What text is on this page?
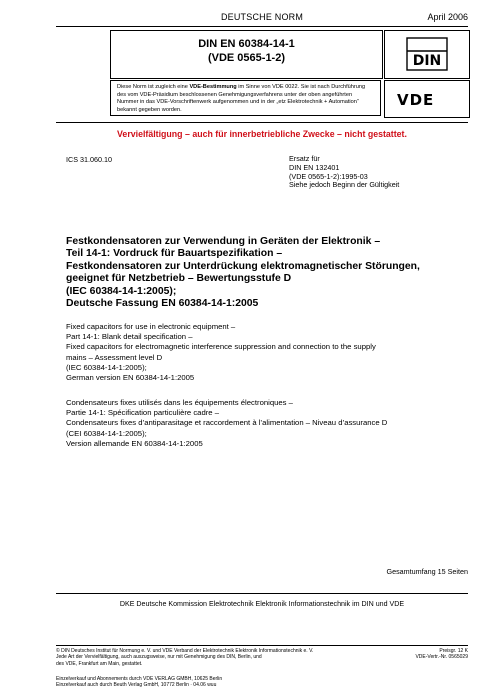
DEUTSCHE NORM	April 2006
DIN EN 60384-14-1
(VDE 0565-1-2)	DIN
Diese Norm ist zugleich eine VDE-Bestimmung im Sinne von VDE 0022. Sie ist nach Durchführung des vom VDE-Präsidium beschlossenen Genehmigungsverfahrens unter der oben angeführten Nummer in das VDE-Vorschriftenwerk aufgenommen und in der „etz Elektrotechnik + Automation“ bekannt gegeben worden.
VDE
Vervielfältigung – auch für innerbetriebliche Zwecke – nicht gestattet.
ICS 31.060.10	Ersatz für
DIN EN 132401
(VDE 0565-1-2):1995-03
Siehe jedoch Beginn der Gültigkeit
Festkondensatoren zur Verwendung in Geräten der Elektronik –
Teil 14-1: Vordruck für Bauartspezifikation –
Festkondensatoren zur Unterdrückung elektromagnetischer Störungen,
geeignet für Netzbetrieb – Bewertungsstufe D
(IEC 60384-14-1:2005);
Deutsche Fassung EN 60384-14-1:2005
Fixed capacitors for use in electronic equipment –
Part 14-1: Blank detail specification –
Fixed capacitors for electromagnetic interference suppression and connection to the supply
mains – Assessment level D
(IEC 60384-14-1:2005);
German version EN 60384-14-1:2005
Condensateurs fixes utilisés dans les équipements électroniques –
Partie 14-1: Spécification particulière cadre –
Condensateurs fixes d’antiparasitage et raccordement à l’alimentation – Niveau d’assurance D
(CEI 60384-14-1:2005);
Version allemande EN 60384-14-1:2005
Gesamtumfang 15 Seiten
DKE Deutsche Kommission Elektrotechnik Elektronik Informationstechnik im DIN und VDE
© DIN Deutsches Institut für Normung e. V. und VDE Verband der Elektrotechnik Elektronik Informationstechnik e. V.
Jede Art der Vervielfältigung, auch auszugsweise, nur mit Genehmigung des DIN, Berlin, und
des VDE, Frankfurt am Main, gestattet.
Preisgr. 12 K
VDE-Vertr.-Nr. 0565029
Einzelverkauf und Abonnements durch VDE VERLAG GMBH, 10625 Berlin
Einzelverkauf auch durch Beuth Verlag GmbH, 10772 Berlin · 04.06 wuu
